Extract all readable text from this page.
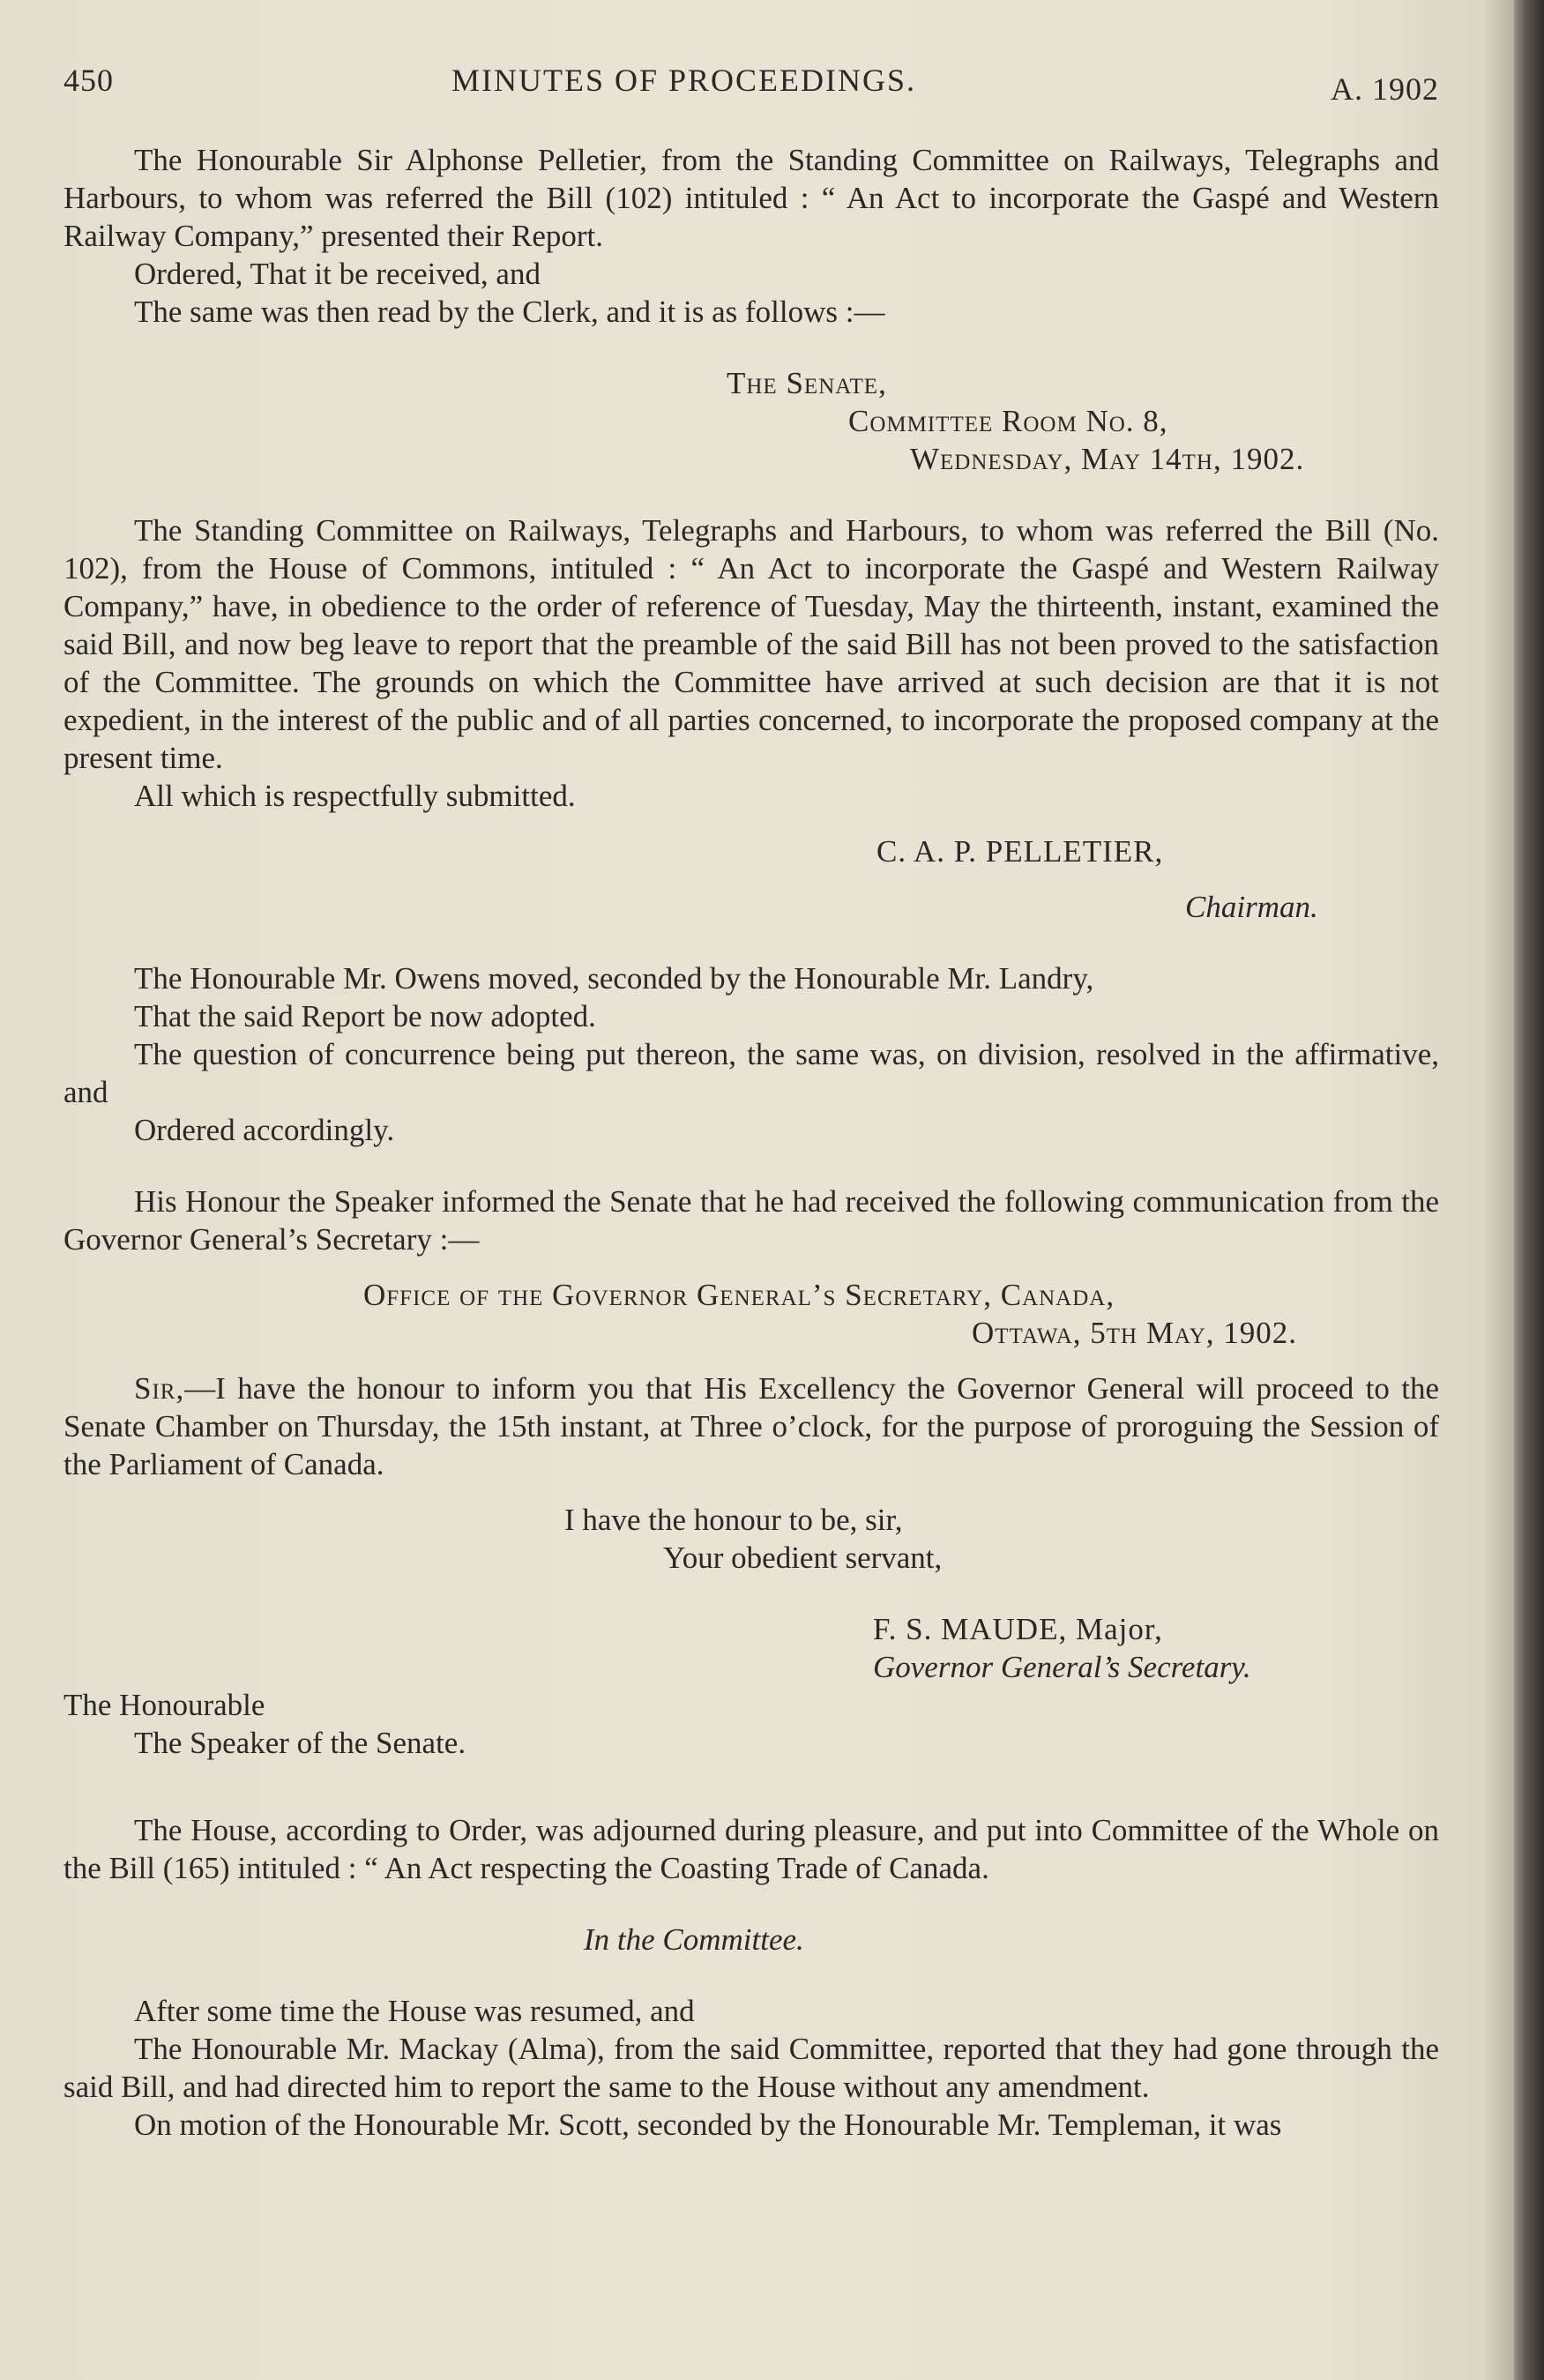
450	MINUTES OF PROCEEDINGS.	A. 1902

The Honourable Sir Alphonse Pelletier, from the Standing Committee on Railways, Telegraphs and Harbours, to whom was referred the Bill (102) intituled : “ An Act to incorporate the Gaspé and Western Railway Company,” presented their Report.

Ordered, That it be received, and

The same was then read by the Clerk, and it is as follows :—

The Senate,

Committee Room No. 8,

Wednesday, May 14th, 1902.

The Standing Committee on Railways, Telegraphs and Harbours, to whom was referred the Bill (No. 102), from the House of Commons, intituled : “ An Act to incorporate the Gaspé and Western Railway Company,” have, in obedience to the order of reference of Tuesday, May the thirteenth, instant, examined the said Bill, and now beg leave to report that the preamble of the said Bill has not been proved to the satisfaction of the Committee. The grounds on which the Committee have arrived at such decision are that it is not expedient, in the interest of the public and of all parties concerned, to incorporate the proposed company at the present time.

All which is respectfully submitted.

C. A. P. PELLETIER,

Chairman.

The Honourable Mr. Owens moved, seconded by the Honourable Mr. Landry,

That the said Report be now adopted.

The question of concurrence being put thereon, the same was, on division, resolved in the affirmative, and

Ordered accordingly.

His Honour the Speaker informed the Senate that he had received the following communication from the Governor General’s Secretary :—

Office of the Governor General’s Secretary, Canada,

Ottawa, 5th May, 1902.

Sir,—I have the honour to inform you that His Excellency the Governor General will proceed to the Senate Chamber on Thursday, the 15th instant, at Three o’clock, for the purpose of proroguing the Session of the Parliament of Canada.

I have the honour to be, sir,

Your obedient servant,

F. S. MAUDE, Major,

Governor General’s Secretary.

The Honourable

The Speaker of the Senate.

The House, according to Order, was adjourned during pleasure, and put into Committee of the Whole on the Bill (165) intituled : “ An Act respecting the Coasting Trade of Canada.

In the Committee.

After some time the House was resumed, and

The Honourable Mr. Mackay (Alma), from the said Committee, reported that they had gone through the said Bill, and had directed him to report the same to the House without any amendment.

On motion of the Honourable Mr. Scott, seconded by the Honourable Mr. Templeman, it was
